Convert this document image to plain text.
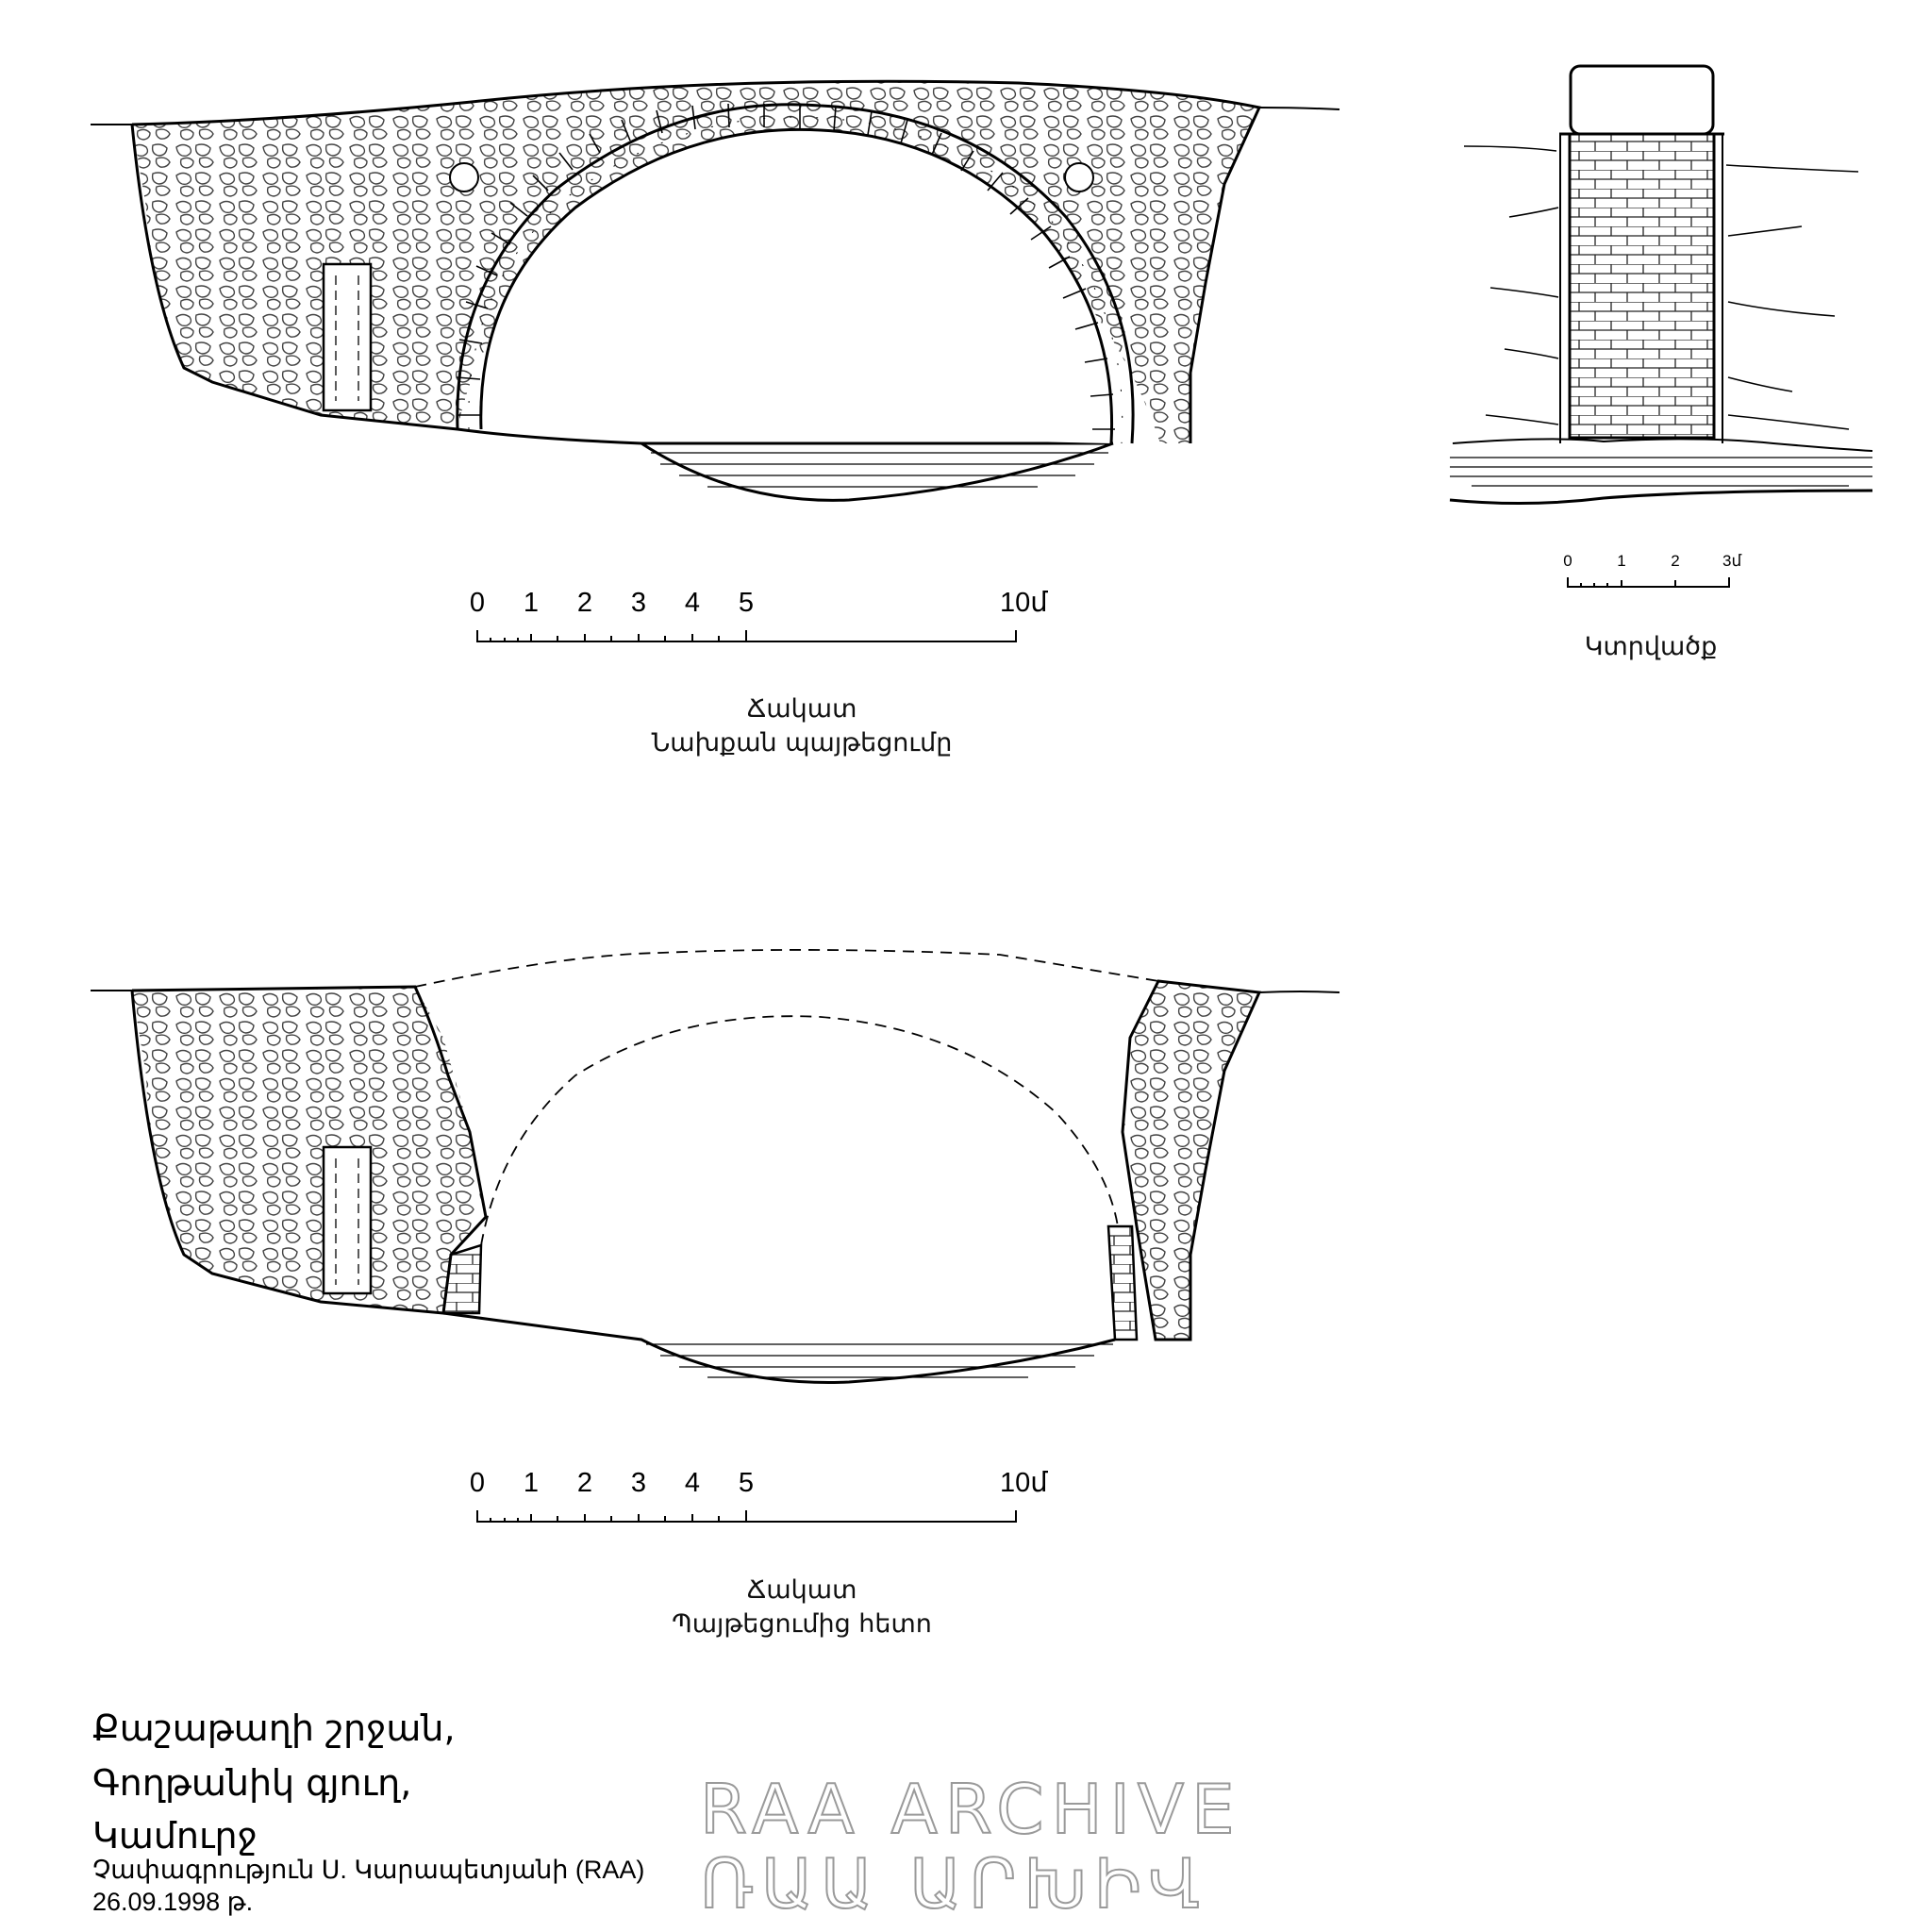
0 1 2 3 4 5	10մ
0	1	2	3մ
0 1 2 3 4 5	10մ
Ճակատ
Նախքան պայթեցումը
Կտրվածք
Ճակատ
Պայթեցումից հետո
Քաշաթաղի շրջան,
Գողթանիկ գյուղ,
Կամուրջ
Չափագրություն Ս. Կարապետյանի (RAA)
26.09.1998 թ.
RAA ARCHIVE
ՌԱԱ ԱՐԽԻՎ
